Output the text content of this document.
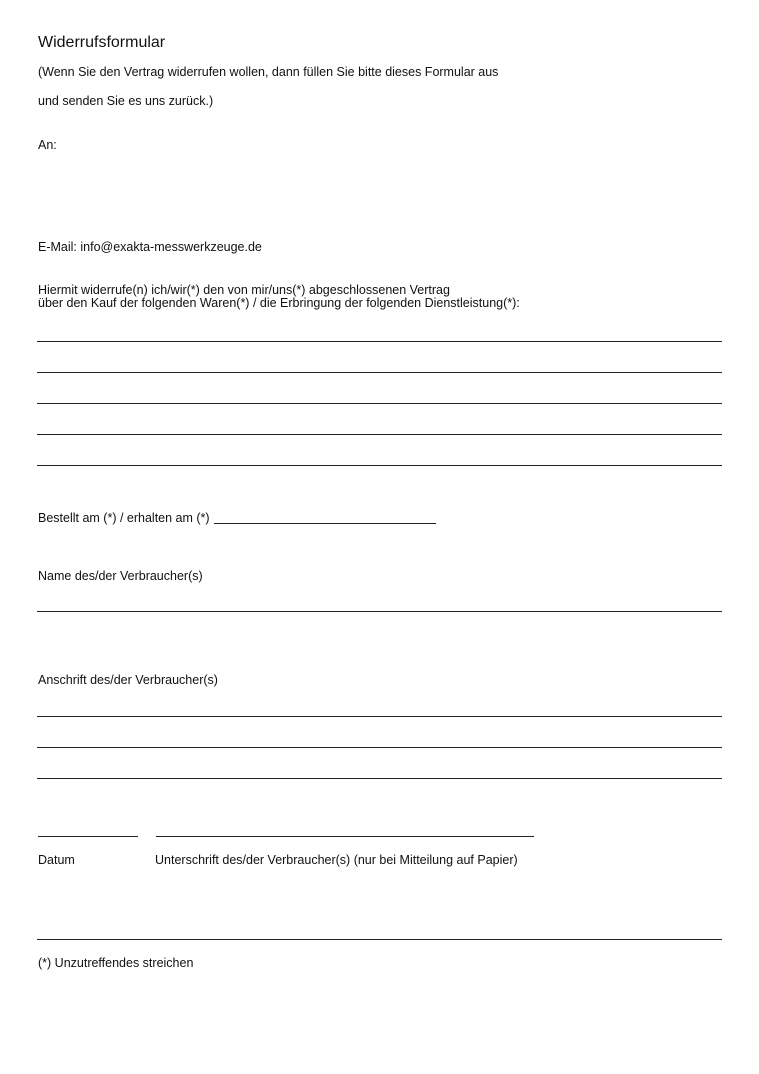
Widerrufsformular
(Wenn Sie den Vertrag widerrufen wollen, dann füllen Sie bitte dieses Formular aus
und senden Sie es uns zurück.)
An:
E-Mail: info@exakta-messwerkzeuge.de
Hiermit widerrufe(n) ich/wir(*) den von mir/uns(*) abgeschlossenen Vertrag
über den Kauf der folgenden Waren(*) / die Erbringung der folgenden Dienstleistung(*):
Bestellt am (*) / erhalten am (*)
Name des/der Verbraucher(s)
Anschrift des/der Verbraucher(s)
Datum	Unterschrift des/der Verbraucher(s) (nur bei Mitteilung auf Papier)
(*) Unzutreffendes streichen
